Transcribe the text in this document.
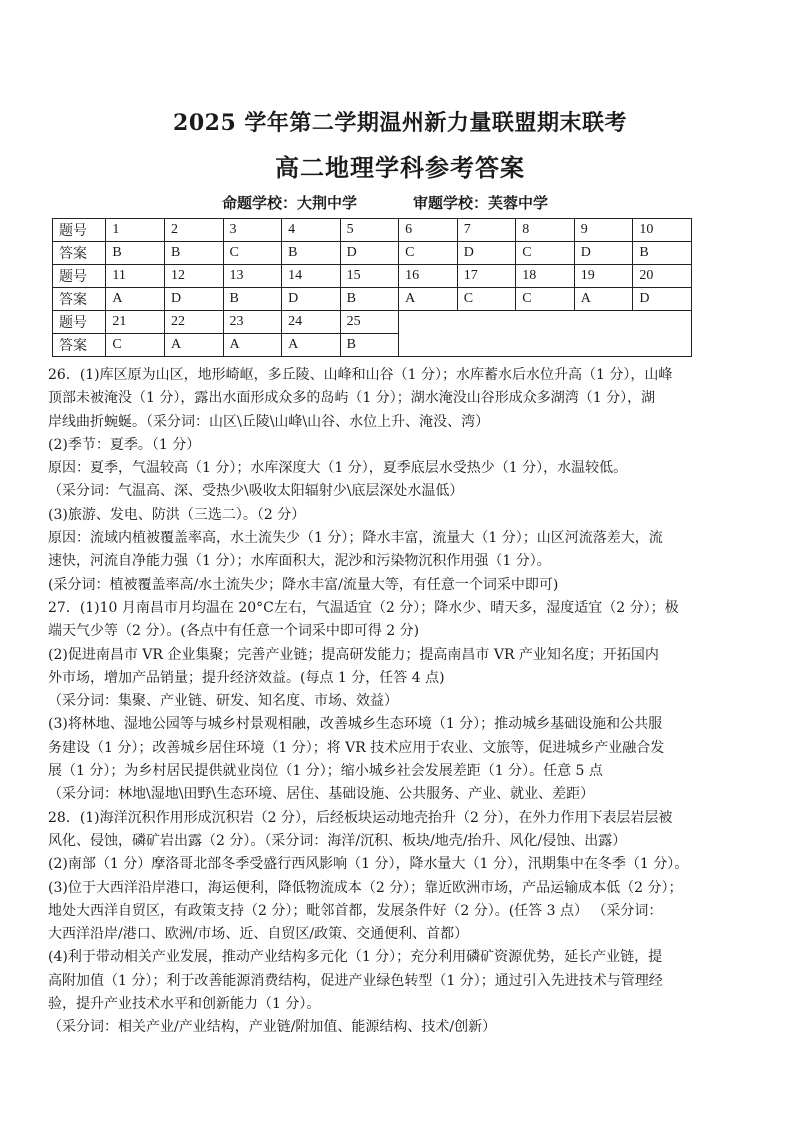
2025 学年第二学期温州新力量联盟期末联考
高二地理学科参考答案
命题学校：大荆中学	审题学校：芙蓉中学
题号	1	2	3	4	5	6	7	8	9	10
答案	B	B	C	B	D	C	D	C	D	B
题号	11	12	13	14	15	16	17	18	19	20
答案	A	D	B	D	B	A	C	C	A	D
题号	21	22	23	24	25					
答案	C	A	A	A	B					

26．(1)库区原为山区，地形崎岖，多丘陵、山峰和山谷（1 分）；水库蓄水后水位升高（1 分），山峰

顶部未被淹没（1 分），露出水面形成众多的岛屿（1 分）；湖水淹没山谷形成众多湖湾（1 分），湖

岸线曲折蜿蜒。（采分词：山区\丘陵\山峰\山谷、水位上升、淹没、湾）

(2)季节：夏季。（1 分）

原因：夏季，气温较高（1 分）；水库深度大（1 分），夏季底层水受热少（1 分），水温较低。

（采分词：气温高、深、受热少\吸收太阳辐射少\底层深处水温低）

(3)旅游、发电、防洪（三选二）。（2 分）

原因：流域内植被覆盖率高，水土流失少（1 分）；降水丰富，流量大（1 分）；山区河流落差大，流

速快，河流自净能力强（1 分）；水库面积大，泥沙和污染物沉积作用强（1 分）。

(采分词：植被覆盖率高/水土流失少；降水丰富/流量大等，有任意一个词采中即可)

27．(1)10 月南昌市月均温在 20°C左右，气温适宜（2 分）；降水少、晴天多，湿度适宜（2 分）；极

端天气少等（2 分）。(各点中有任意一个词采中即可得 2 分)

(2)促进南昌市 VR 企业集聚；完善产业链；提高研发能力；提高南昌市 VR 产业知名度；开拓国内

外市场，增加产品销量；提升经济效益。(每点 1 分，任答 4 点)

（采分词：集聚、产业链、研发、知名度、市场、效益）

(3)将林地、湿地公园等与城乡村景观相融，改善城乡生态环境（1 分）；推动城乡基础设施和公共服

务建设（1 分）；改善城乡居住环境（1 分）；将 VR 技术应用于农业、文旅等，促进城乡产业融合发

展（1 分）；为乡村居民提供就业岗位（1 分）；缩小城乡社会发展差距（1 分）。任意 5 点

（采分词：林地\湿地\田野\生态环境、居住、基础设施、公共服务、产业、就业、差距）

28．(1)海洋沉积作用形成沉积岩（2 分），后经板块运动地壳抬升（2 分），在外力作用下表层岩层被

风化、侵蚀，磷矿岩出露（2 分）。（采分词：海洋/沉积、板块/地壳/抬升、风化/侵蚀、出露）

(2)南部（1 分）摩洛哥北部冬季受盛行西风影响（1 分），降水量大（1 分），汛期集中在冬季（1 分）。

(3)位于大西洋沿岸港口，海运便利，降低物流成本（2 分）；靠近欧洲市场，产品运输成本低（2 分）；

地处大西洋自贸区，有政策支持（2 分）；毗邻首都，发展条件好（2 分）。(任答 3 点） （采分词：

大西洋沿岸/港口、欧洲/市场、近、自贸区/政策、交通便利、首都）

(4)利于带动相关产业发展，推动产业结构多元化（1 分）；充分利用磷矿资源优势，延长产业链，提

高附加值（1 分）；利于改善能源消费结构，促进产业绿色转型（1 分）；通过引入先进技术与管理经

验，提升产业技术水平和创新能力（1 分）。

（采分词：相关产业/产业结构，产业链/附加值、能源结构、技术/创新）
